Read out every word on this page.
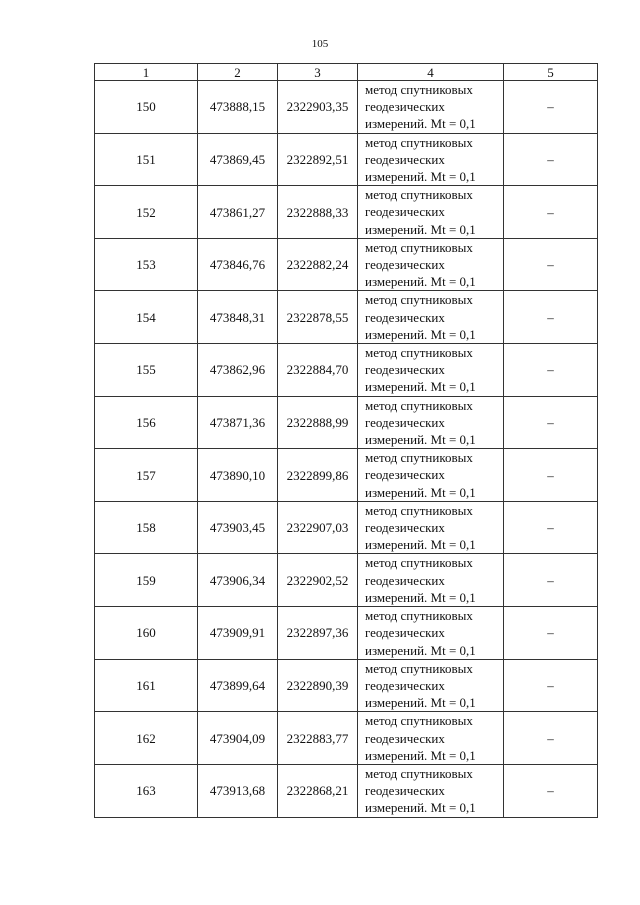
105
1	2	3	4	5
150	473888,15	2322903,35	метод спутниковых
геодезических
измерений. Mt = 0,1	–
151	473869,45	2322892,51	метод спутниковых
геодезических
измерений. Mt = 0,1	–
152	473861,27	2322888,33	метод спутниковых
геодезических
измерений. Mt = 0,1	–
153	473846,76	2322882,24	метод спутниковых
геодезических
измерений. Mt = 0,1	–
154	473848,31	2322878,55	метод спутниковых
геодезических
измерений. Mt = 0,1	–
155	473862,96	2322884,70	метод спутниковых
геодезических
измерений. Mt = 0,1	–
156	473871,36	2322888,99	метод спутниковых
геодезических
измерений. Mt = 0,1	–
157	473890,10	2322899,86	метод спутниковых
геодезических
измерений. Mt = 0,1	–
158	473903,45	2322907,03	метод спутниковых
геодезических
измерений. Mt = 0,1	–
159	473906,34	2322902,52	метод спутниковых
геодезических
измерений. Mt = 0,1	–
160	473909,91	2322897,36	метод спутниковых
геодезических
измерений. Mt = 0,1	–
161	473899,64	2322890,39	метод спутниковых
геодезических
измерений. Mt = 0,1	–
162	473904,09	2322883,77	метод спутниковых
геодезических
измерений. Mt = 0,1	–
163	473913,68	2322868,21	метод спутниковых
геодезических
измерений. Mt = 0,1	–
